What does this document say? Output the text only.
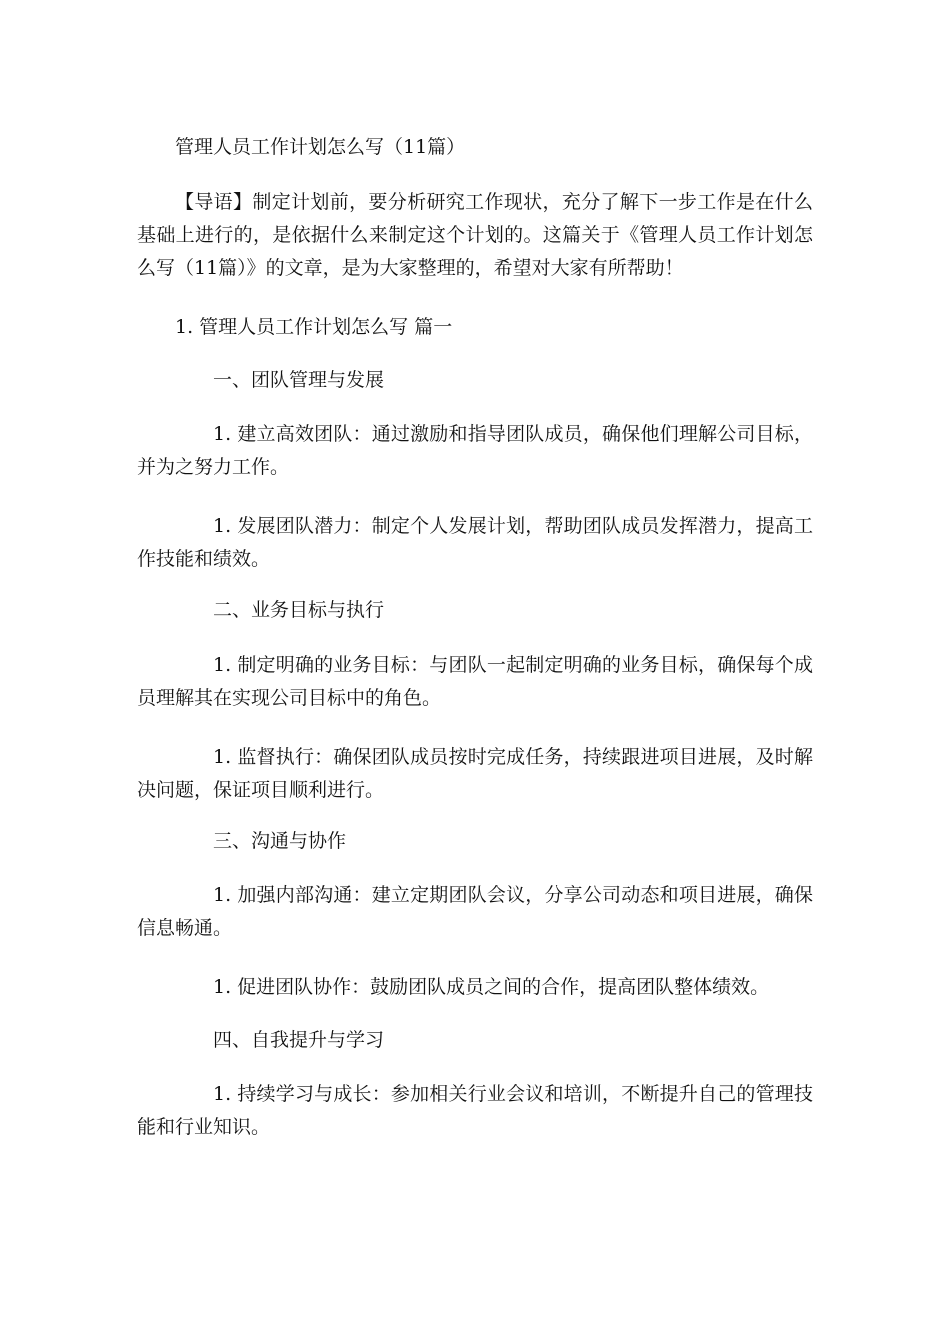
管理人员工作计划怎么写（11篇）

【导语】制定计划前，要分析研究工作现状，充分了解下一步工作是在什么基础上进行的，是依据什么来制定这个计划的。这篇关于《管理人员工作计划怎么写（11篇）》的文章，是为大家整理的，希望对大家有所帮助！

1. 管理人员工作计划怎么写 篇一

一、团队管理与发展

1. 建立高效团队：通过激励和指导团队成员，确保他们理解公司目标，并为之努力工作。

1. 发展团队潜力：制定个人发展计划，帮助团队成员发挥潜力，提高工作技能和绩效。

二、业务目标与执行

1. 制定明确的业务目标：与团队一起制定明确的业务目标，确保每个成员理解其在实现公司目标中的角色。

1. 监督执行：确保团队成员按时完成任务，持续跟进项目进展，及时解决问题，保证项目顺利进行。

三、沟通与协作

1. 加强内部沟通：建立定期团队会议，分享公司动态和项目进展，确保信息畅通。

1. 促进团队协作：鼓励团队成员之间的合作，提高团队整体绩效。

四、自我提升与学习

1. 持续学习与成长：参加相关行业会议和培训，不断提升自己的管理技能和行业知识。
